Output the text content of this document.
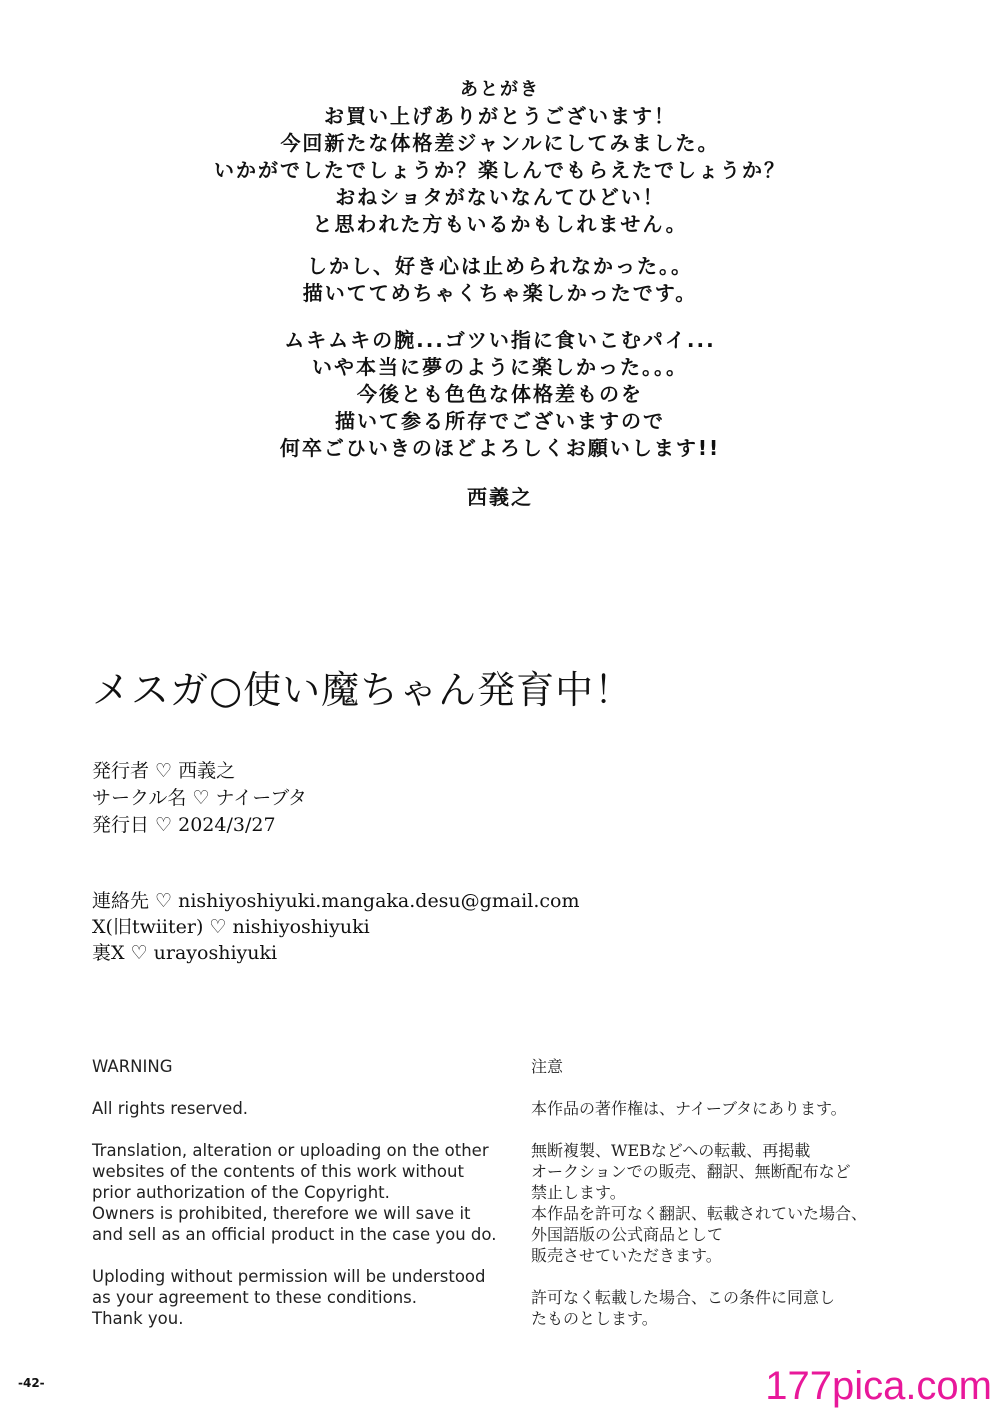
あとがき
お買い上げありがとうございます！
今回新たな体格差ジャンルにしてみました。
いかがでしたでしょうか？楽しんでもらえたでしょうか？
おねショタがないなんてひどい！
と思われた方もいるかもしれません。
しかし、好き心は止められなかった。。
描いててめちゃくちゃ楽しかったです。
ムキムキの腕...ゴツい指に食いこむパイ...
いや本当に夢のように楽しかった。。。
今後とも色色な体格差ものを
描いて参る所存でございますので
何卒ごひいきのほどよろしくお願いします!!
西義之
メスガ○使い魔ちゃん発育中！
発行者 ♡ 西義之
サークル名 ♡ ナイーブタ
発行日 ♡ 2024/3/27
連絡先 ♡ nishiyoshiyuki.mangaka.desu@gmail.com
X(旧twiiter) ♡ nishiyoshiyuki
裏X ♡ urayoshiyuki
WARNING
All rights reserved.
Translation, alteration or uploading on the other
websites of the contents of this work without
prior authorization of the Copyright.
Owners is prohibited, therefore we will save it
and sell as an official product in the case you do.
Uploding without permission will be understood
as your agreement to these conditions.
Thank you.
注意
本作品の著作権は、ナイーブタにあります。
無断複製、WEBなどへの転載、再掲載
オークションでの販売、翻訳、無断配布など
禁止します。
本作品を許可なく翻訳、転載されていた場合、
外国語版の公式商品として
販売させていただきます。
許可なく転載した場合、この条件に同意し
たものとします。
-42-	177pica.com
